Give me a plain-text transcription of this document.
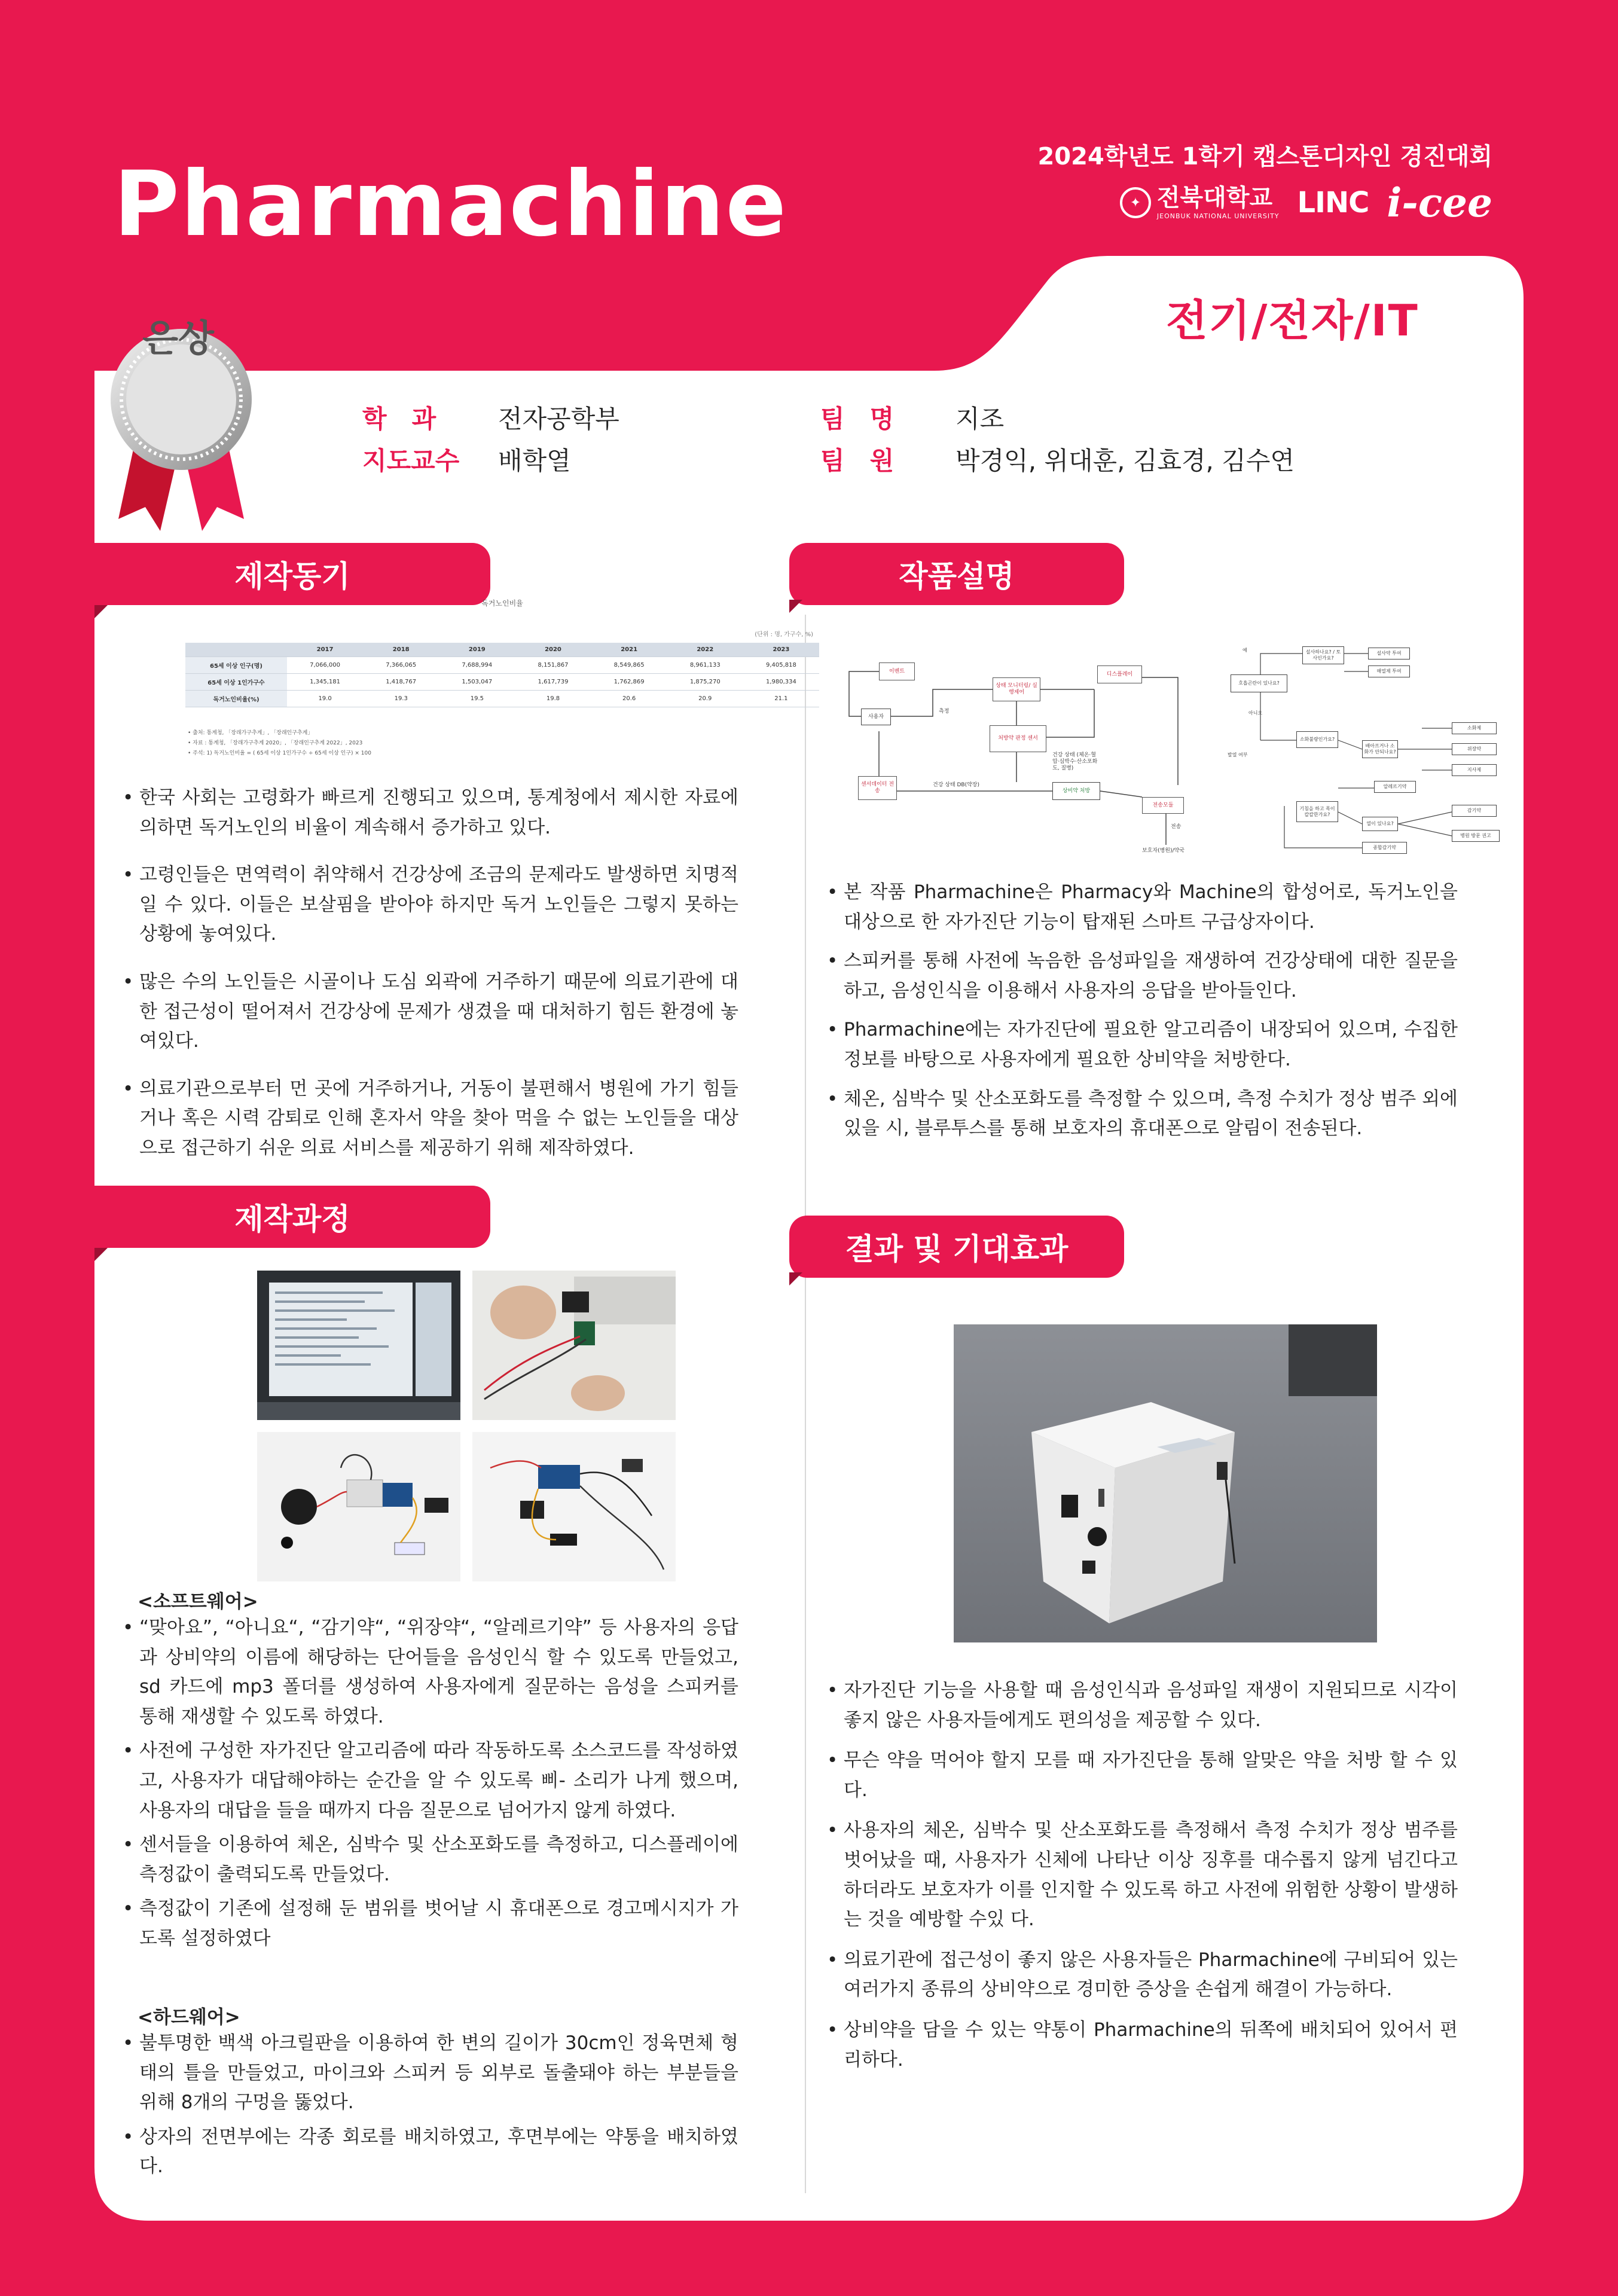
Pharmachine	2024학년도 1학기 캡스톤디자인 경진대회
✦ 전북대학교
JEONBUK NATIONAL UNIVERSITY LINC i-cee
전기/전자/IT
은상
학　과 전자공학부
지도교수 배학열
팀　명 지조
팀　원 박경익, 위대훈, 김효경, 김수연
제작동기	작품설명
제작과정
결과 및 기대효과
독거노인비율
(단위 : 명, 가구수, %)
	2017	2018	2019	2020	2021	2022	2023
65세 이상 인구(명)	7,066,000	7,366,065	7,688,994	8,151,867	8,549,865	8,961,133	9,405,818
65세 이상 1인가구수	1,345,181	1,418,767	1,503,047	1,617,739	1,762,869	1,875,270	1,980,334
독거노인비율(%)	19.0	19.3	19.5	19.8	20.6	20.9	21.1
• 출처: 통계청, 「장래가구추계」, 「장래인구추계」
• 자료 : 통계청, 「장래가구추계 2020」, 「장래인구추계 2022」, 2023
• 주석: 1) 독거노인비율 = ( 65세 이상 1인가구수 ÷ 65세 이상 인구) × 100
• 한국 사회는 고령화가 빠르게 진행되고 있으며, 통계청에서 제시한 자료에 의하면 독거노인의 비율이 계속해서 증가하고 있다.
• 고령인들은 면역력이 취약해서 건강상에 조금의 문제라도 발생하면 치명적일 수 있다. 이들은 보살핌을 받아야 하지만 독거 노인들은 그렇지 못하는 상황에 놓여있다.
• 많은 수의 노인들은 시골이나 도심 외곽에 거주하기 때문에 의료기관에 대한 접근성이 떨어져서 건강상에 문제가 생겼을 때 대처하기 힘든 환경에 놓여있다.
• 의료기관으로부터 먼 곳에 거주하거나, 거동이 불편해서 병원에 가기 힘들거나 혹은 시력 감퇴로 인해 혼자서 약을 찾아 먹을 수 없는 노인들을 대상으로 접근하기 쉬운 의료 서비스를 제공하기 위해 제작하였다.
이벤트
상태 모니터링/ 실행제어
디스플레이
사용자
측정
처방약 판정 센서
건강 상태 (체온·혈압·심박수·산소포화도, 질병)
상비약 처방
센서데이터 전송
건강 상태 DB(약장)
전송모듈
전송
보호자(병원)/약국
예
호흡곤란이 있나요?
설사하나요? / 토사인가요?
설사약 투여
해열제 투여
아니오
소화불량인가요?
배아프거나 소화가 안되나요?
소화제
위장약
지사제
발열 여부
알레르기약
기침을 하고 목이 칼칼한가요?
열이 있나요?
감기약
병원 방문 권고
종합감기약
• 본 작품 Pharmachine은 Pharmacy와 Machine의 합성어로, 독거노인을 대상으로 한 자가진단 기능이 탑재된 스마트 구급상자이다.
• 스피커를 통해 사전에 녹음한 음성파일을 재생하여 건강상태에 대한 질문을 하고, 음성인식을 이용해서 사용자의 응답을 받아들인다.
• Pharmachine에는 자가진단에 필요한 알고리즘이 내장되어 있으며, 수집한 정보를 바탕으로 사용자에게 필요한 상비약을 처방한다.
• 체온, 심박수 및 산소포화도를 측정할 수 있으며, 측정 수치가 정상 범주 외에 있을 시, 블루투스를 통해 보호자의 휴대폰으로 알림이 전송된다.
<소프트웨어>
• “맞아요”, “아니요“, “감기약“, “위장약“, “알레르기약” 등 사용자의 응답과 상비약의 이름에 해당하는 단어들을 음성인식 할 수 있도록 만들었고, sd 카드에 mp3 폴더를 생성하여 사용자에게 질문하는 음성을 스피커를 통해 재생할 수 있도록 하였다.
• 사전에 구성한 자가진단 알고리즘에 따라 작동하도록 소스코드를 작성하였고, 사용자가 대답해야하는 순간을 알 수 있도록 삐- 소리가 나게 했으며, 사용자의 대답을 들을 때까지 다음 질문으로 넘어가지 않게 하였다.
• 센서들을 이용하여 체온, 심박수 및 산소포화도를 측정하고, 디스플레이에 측정값이 출력되도록 만들었다.
• 측정값이 기존에 설정해 둔 범위를 벗어날 시 휴대폰으로 경고메시지가 가도록 설정하였다
<하드웨어>
• 불투명한 백색 아크릴판을 이용하여 한 변의 길이가 30cm인 정육면체 형태의 틀을 만들었고, 마이크와 스피커 등 외부로 돌출돼야 하는 부분들을 위해 8개의 구멍을 뚫었다.
• 상자의 전면부에는 각종 회로를 배치하였고, 후면부에는 약통을 배치하였다.
• 자가진단 기능을 사용할 때 음성인식과 음성파일 재생이 지원되므로 시각이 좋지 않은 사용자들에게도 편의성을 제공할 수 있다.
• 무슨 약을 먹어야 할지 모를 때 자가진단을 통해 알맞은 약을 처방 할 수 있다.
• 사용자의 체온, 심박수 및 산소포화도를 측정해서 측정 수치가 정상 범주를 벗어났을 때, 사용자가 신체에 나타난 이상 징후를 대수롭지 않게 넘긴다고 하더라도 보호자가 이를 인지할 수 있도록 하고 사전에 위험한 상황이 발생하는 것을 예방할 수있 다.
• 의료기관에 접근성이 좋지 않은 사용자들은 Pharmachine에 구비되어 있는 여러가지 종류의 상비약으로 경미한 증상을 손쉽게 해결이 가능하다.
• 상비약을 담을 수 있는 약통이 Pharmachine의 뒤쪽에 배치되어 있어서 편리하다.
